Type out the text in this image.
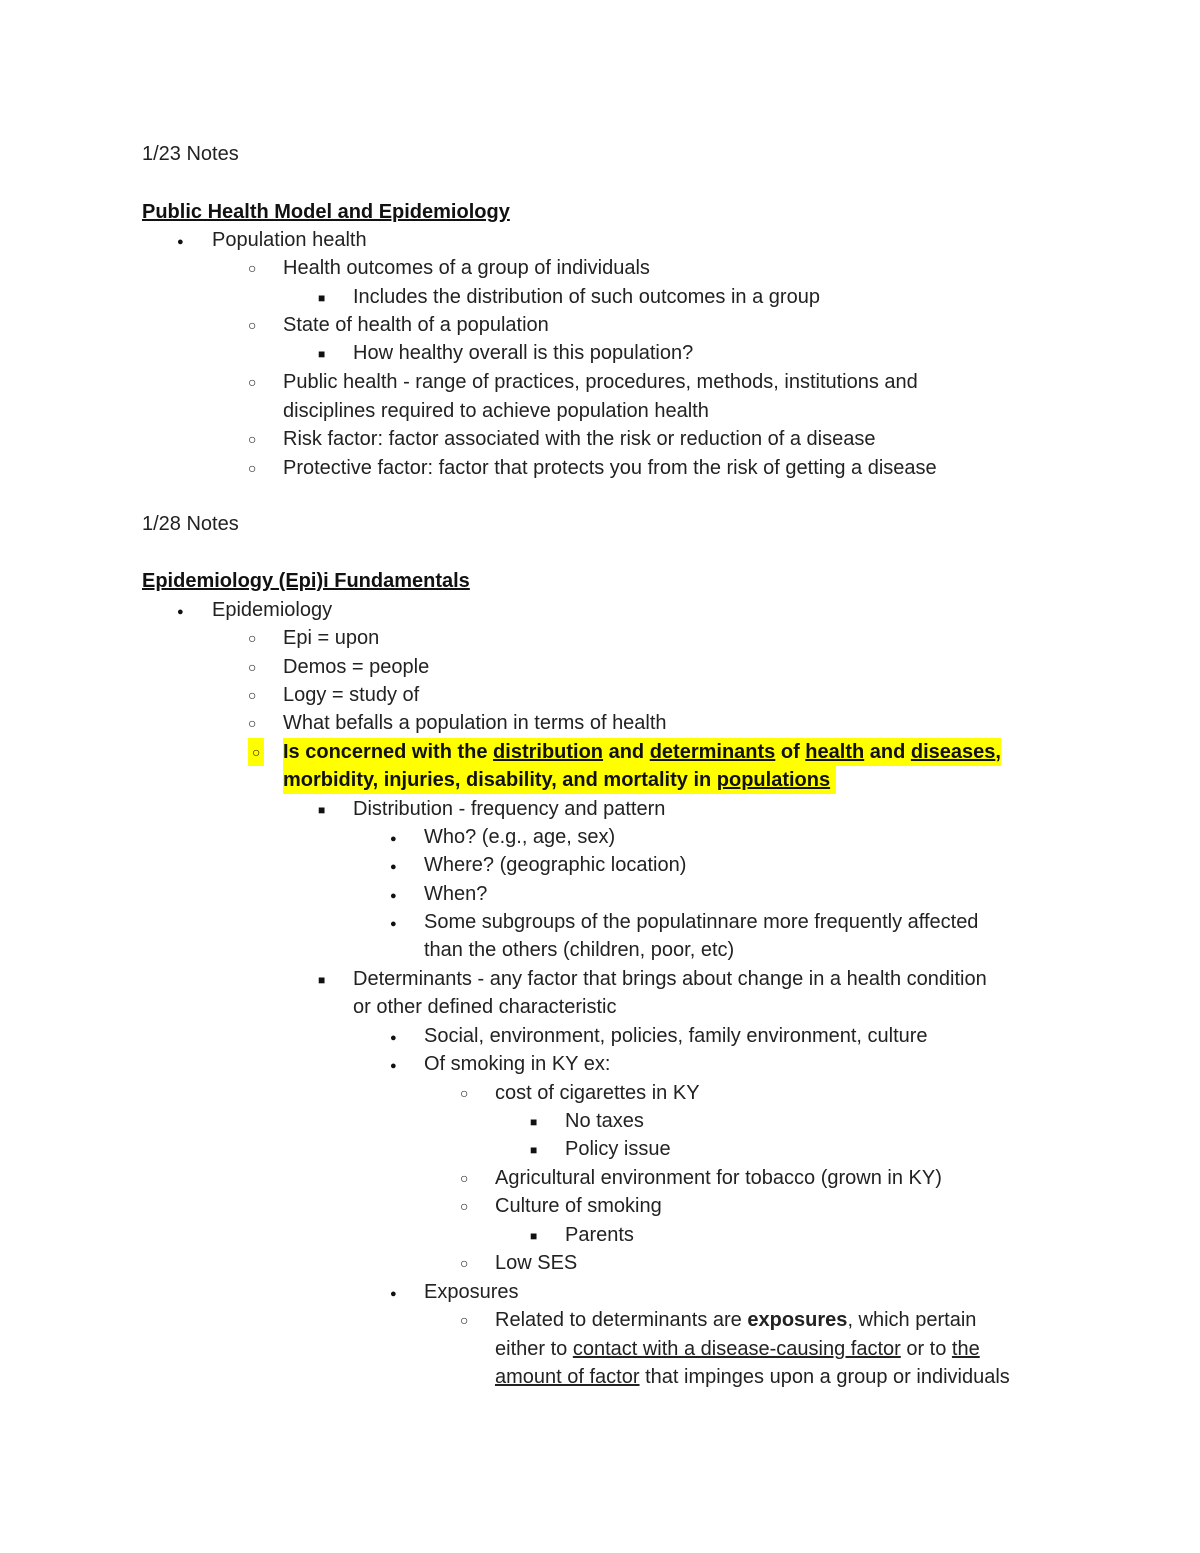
1/23 Notes
Public Health Model and Epidemiology
●
Population health
○
Health outcomes of a group of individuals
■
Includes the distribution of such outcomes in a group
○
State of health of a population
■
How healthy overall is this population?
○
Public health - range of practices, procedures, methods, institutions and
disciplines required to achieve population health
○
Risk factor: factor associated with the risk or reduction of a disease
○
Protective factor: factor that protects you from the risk of getting a disease
1/28 Notes
Epidemiology (Epi)i Fundamentals
●
Epidemiology
○
Epi = upon
○
Demos = people
○
Logy = study of
○
What befalls a population in terms of health
○
Is concerned with the distribution and determinants of health and diseases,
morbidity, injuries, disability, and mortality in populations
■
Distribution - frequency and pattern
●
Who? (e.g., age, sex)
●
Where? (geographic location)
●
When?
●
Some subgroups of the populatinnare more frequently affected
than the others (children, poor, etc)
■
Determinants - any factor that brings about change in a health condition
or other defined characteristic
●
Social, environment, policies, family environment, culture
●
Of smoking in KY ex:
○
cost of cigarettes in KY
■
No taxes
■
Policy issue
○
Agricultural environment for tobacco (grown in KY)
○
Culture of smoking
■
Parents
○
Low SES
●
Exposures
○
Related to determinants are exposures, which pertain
either to contact with a disease-causing factor or to the
amount of factor that impinges upon a group or individuals
